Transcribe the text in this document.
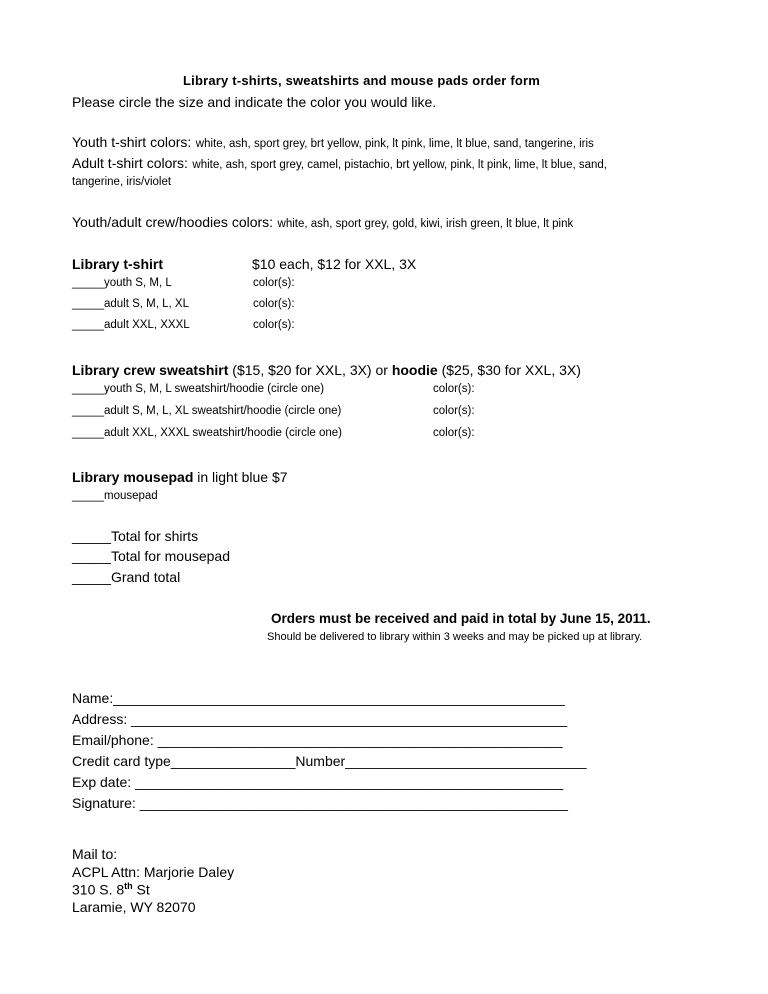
Library t-shirts, sweatshirts and mouse pads order form
Please circle the size and indicate the color you would like.
Youth t-shirt colors: white, ash, sport grey, brt yellow, pink, lt pink, lime, lt blue, sand, tangerine, iris
Adult t-shirt colors: white, ash, sport grey, camel, pistachio, brt yellow, pink, lt pink, lime, lt blue, sand,
tangerine, iris/violet
Youth/adult crew/hoodies colors: white, ash, sport grey, gold, kiwi, irish green, lt blue, lt pink
Library t-shirt	$10 each, $12 for XXL, 3X
_____youth S, M, L	color(s):
_____adult S, M, L, XL	color(s):
_____adult XXL, XXXL	color(s):
Library crew sweatshirt ($15, $20 for XXL, 3X) or hoodie ($25, $30 for XXL, 3X)
_____youth S, M, L sweatshirt/hoodie (circle one)	color(s):
_____adult S, M, L, XL sweatshirt/hoodie (circle one)	color(s):
_____adult XXL, XXXL sweatshirt/hoodie (circle one)	color(s):
Library mousepad in light blue $7
_____mousepad
_____Total for shirts
_____Total for mousepad
_____Grand total
Orders must be received and paid in total by June 15, 2011.
Should be delivered to library within 3 weeks and may be picked up at library.
Name:__________________________________________________________
Address: ________________________________________________________
Email/phone: ____________________________________________________
Credit card type________________Number_______________________________
Exp date: _______________________________________________________
Signature: _______________________________________________________
Mail to:
ACPL Attn: Marjorie Daley
310 S. 8th St
Laramie, WY 82070
